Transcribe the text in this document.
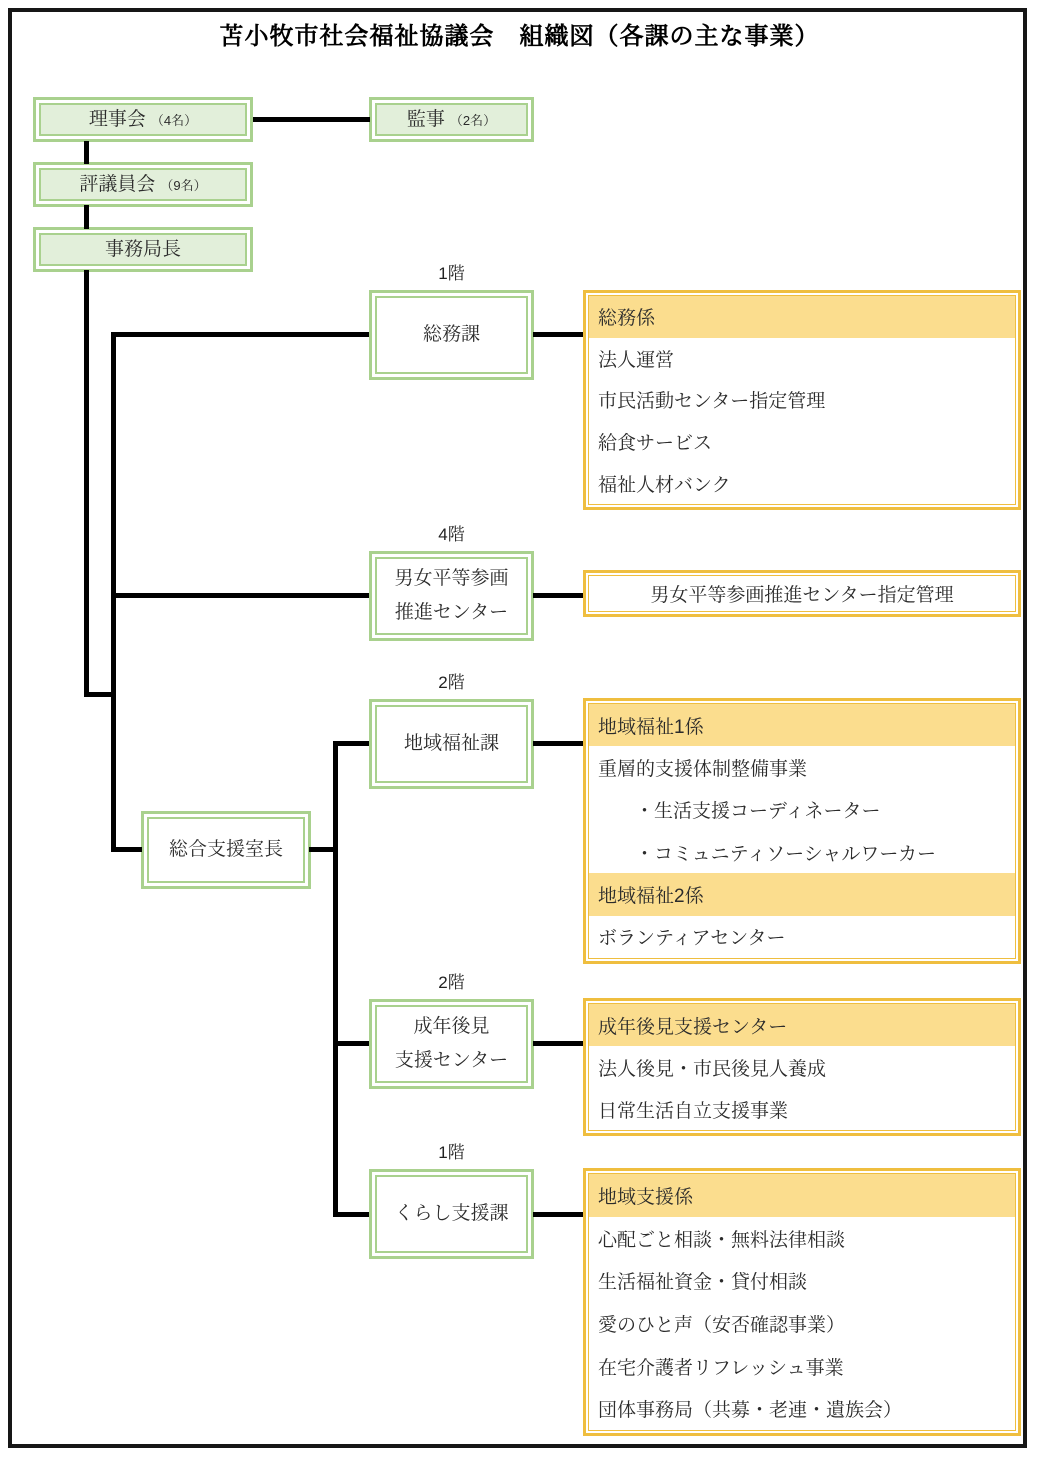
苫小牧市社会福祉協議会　組織図（各課の主な事業）
理事会 （4名）	監事 （2名）
評議員会 （9名）
事務局長
総合支援室長
1階
総務課
4階
男女平等参画
推進センター
2階
地域福祉課
2階
成年後見
支援センター
1階
くらし支援課
総務係
法人運営
市民活動センター指定管理
給食サービス
福祉人材バンク
男女平等参画推進センター指定管理
地域福祉1係
重層的支援体制整備事業
・生活支援コーディネーター
・コミュニティソーシャルワーカー
地域福祉2係
ボランティアセンター
成年後見支援センター
法人後見・市民後見人養成
日常生活自立支援事業
地域支援係
心配ごと相談・無料法律相談
生活福祉資金・貸付相談
愛のひと声（安否確認事業）
在宅介護者リフレッシュ事業
団体事務局（共募・老連・遺族会）
